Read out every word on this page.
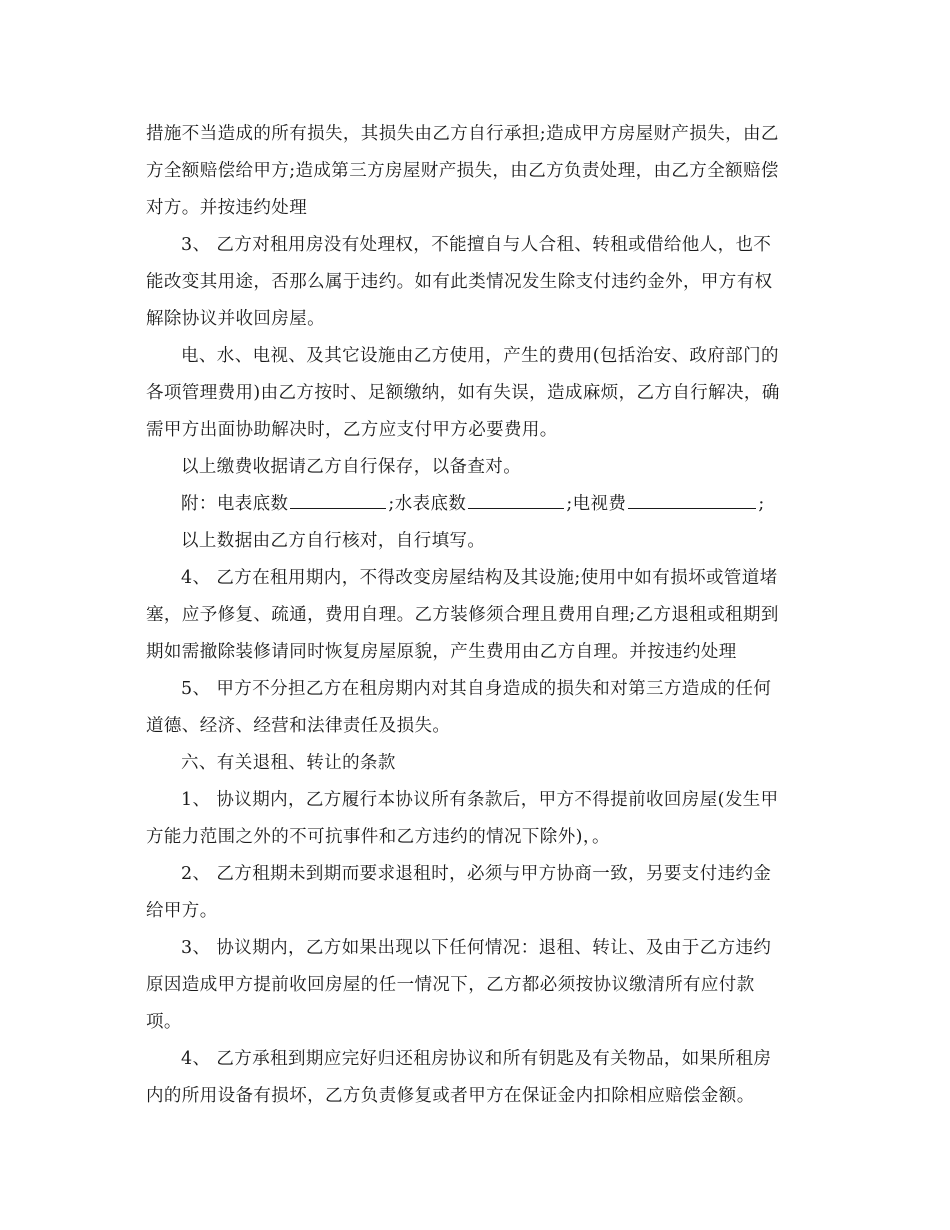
措施不当造成的所有损失，其损失由乙方自行承担;造成甲方房屋财产损失，由乙
方全额赔偿给甲方;造成第三方房屋财产损失，由乙方负责处理，由乙方全额赔偿
对方。并按违约处理
3、 乙方对租用房没有处理权，不能擅自与人合租、转租或借给他人，也不
能改变其用途，否那么属于违约。如有此类情况发生除支付违约金外，甲方有权
解除协议并收回房屋。
电、水、电视、及其它设施由乙方使用，产生的费用(包括治安、政府部门的
各项管理费用)由乙方按时、足额缴纳，如有失误，造成麻烦，乙方自行解决，确
需甲方出面协助解决时，乙方应支付甲方必要费用。
以上缴费收据请乙方自行保存，以备查对。
附：电表底数	;水表底数	;电视费	;
以上数据由乙方自行核对，自行填写。
4、 乙方在租用期内，不得改变房屋结构及其设施;使用中如有损坏或管道堵
塞，应予修复、疏通，费用自理。乙方装修须合理且费用自理;乙方退租或租期到
期如需撤除装修请同时恢复房屋原貌，产生费用由乙方自理。并按违约处理
5、 甲方不分担乙方在租房期内对其自身造成的损失和对第三方造成的任何
道德、经济、经营和法律责任及损失。
六、有关退租、转让的条款
1、 协议期内，乙方履行本协议所有条款后，甲方不得提前收回房屋(发生甲
方能力范围之外的不可抗事件和乙方违约的情况下除外)，。
2、 乙方租期未到期而要求退租时，必须与甲方协商一致，另要支付违约金
给甲方。
3、 协议期内，乙方如果出现以下任何情况：退租、转让、及由于乙方违约
原因造成甲方提前收回房屋的任一情况下，乙方都必须按协议缴清所有应付款
项。
4、 乙方承租到期应完好归还租房协议和所有钥匙及有关物品，如果所租房
内的所用设备有损坏，乙方负责修复或者甲方在保证金内扣除相应赔偿金额。
